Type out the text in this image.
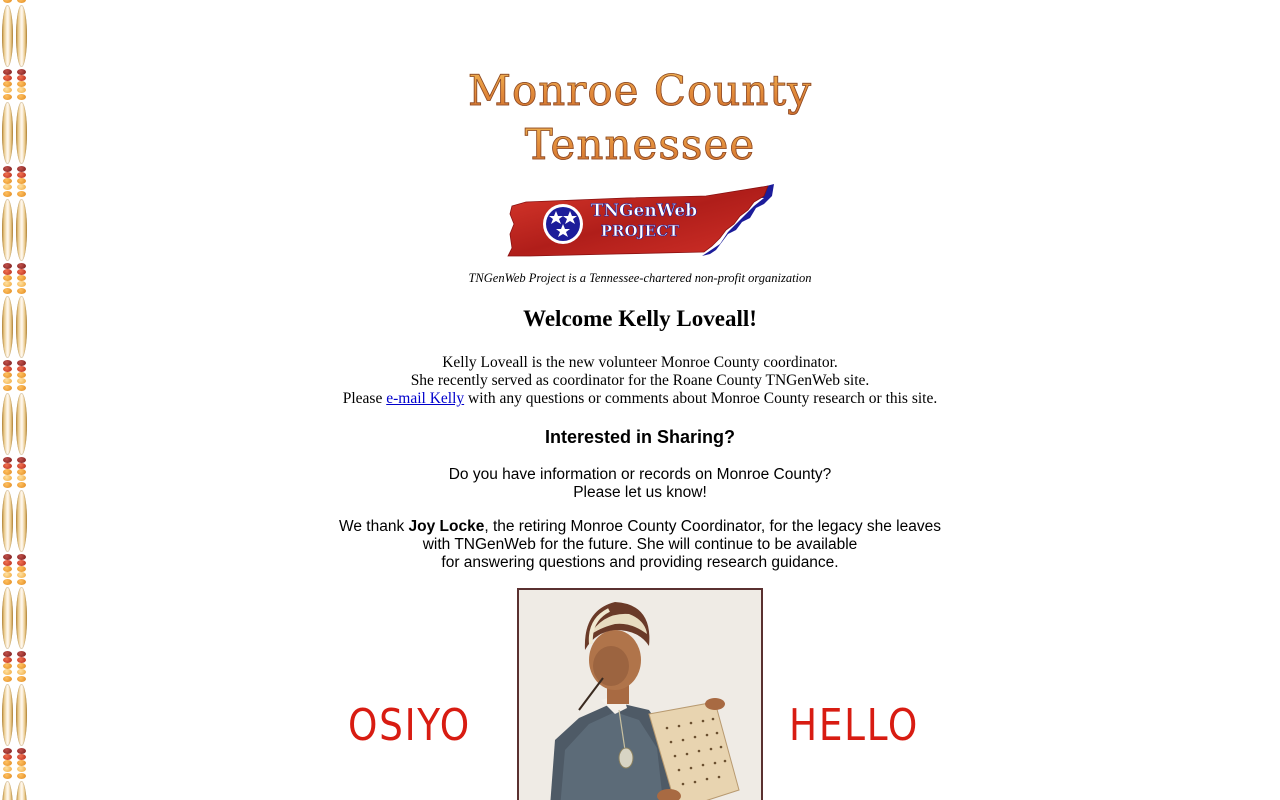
Monroe County
Tennessee
TNGenWeb
PROJECT
TNGenWeb Project is a Tennessee-chartered non-profit organization
Welcome Kelly Loveall!
Kelly Loveall is the new volunteer Monroe County coordinator.
She recently served as coordinator for the Roane County TNGenWeb site.
Please e-mail Kelly with any questions or comments about Monroe County research or this site.
Interested in Sharing?
Do you have information or records on Monroe County?
Please let us know!
We thank Joy Locke, the retiring Monroe County Coordinator, for the legacy she leaves
with TNGenWeb for the future. She will continue to be available
for answering questions and providing research guidance.
OSIYO	HELLO
